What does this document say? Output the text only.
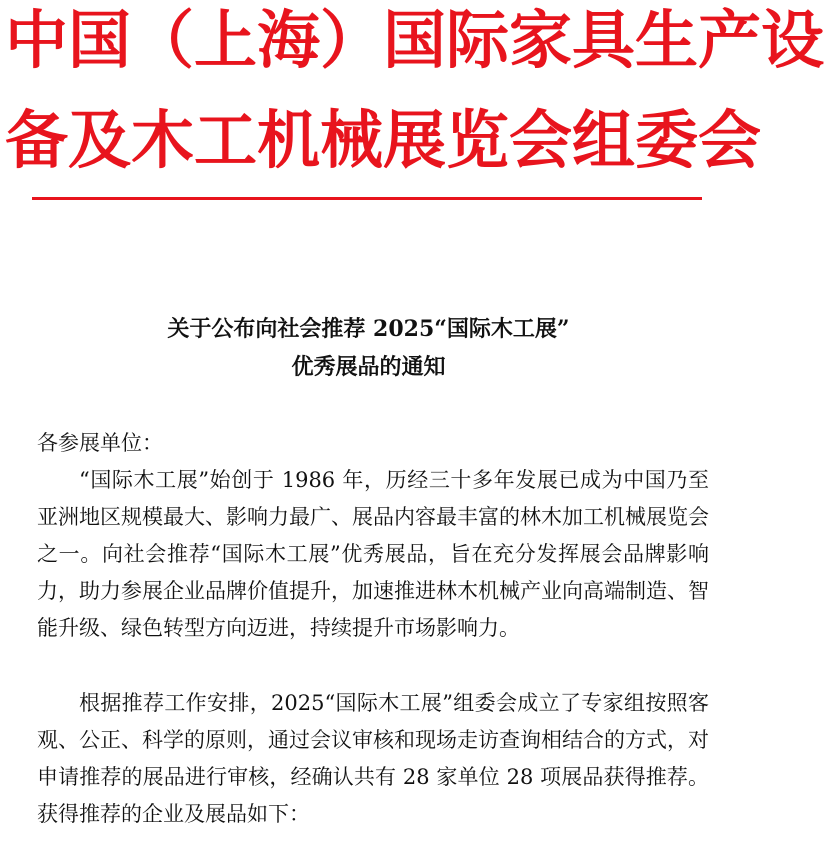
中国（上海）国际家具生产设
备及木工机械展览会组委会
关于公布向社会推荐 2025“国际木工展”
优秀展品的通知
各参展单位：

“国际木工展”始创于 1986 年，历经三十多年发展已成为中国乃至亚洲地区规模最大、影响力最广、展品内容最丰富的林木加工机械展览会之一。向社会推荐“国际木工展”优秀展品，旨在充分发挥展会品牌影响力，助力参展企业品牌价值提升，加速推进林木机械产业向高端制造、智能升级、绿色转型方向迈进，持续提升市场影响力。

根据推荐工作安排，2025“国际木工展”组委会成立了专家组按照客观、公正、科学的原则，通过会议审核和现场走访查询相结合的方式，对申请推荐的展品进行审核，经确认共有 28 家单位 28 项展品获得推荐。获得推荐的企业及展品如下：
